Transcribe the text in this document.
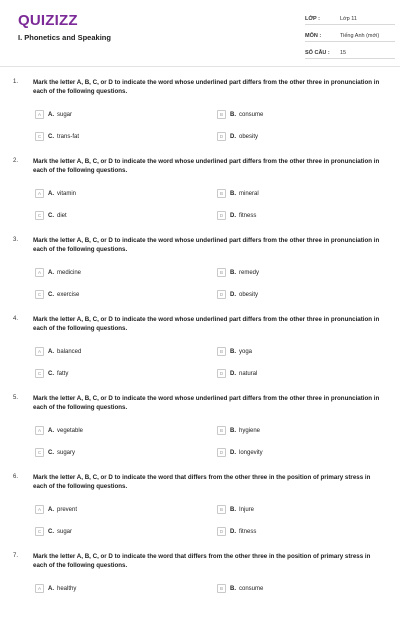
QUIZIZZ
I. Phonetics and Speaking
LỚP :	Lớp 11
MÔN :	Tiếng Anh (mới)
SỐ CÂU :	15
1. Mark the letter A, B, C, or D to indicate the word whose underlined part differs from the other three in pronunciation in each of the following questions.
A	A. sugar	B	B. consume
C	C. trans-fat	D	D. obesity
2. Mark the letter A, B, C, or D to indicate the word whose underlined part differs from the other three in pronunciation in each of the following questions.
A	A. vitamin	B	B. mineral
C	C. diet	D	D. fitness
3. Mark the letter A, B, C, or D to indicate the word whose underlined part differs from the other three in pronunciation in each of the following questions.
A	A. medicine	B	B. remedy
C	C. exercise	D	D. obesity
4. Mark the letter A, B, C, or D to indicate the word whose underlined part differs from the other three in pronunciation in each of the following questions.
A	A. balanced	B	B. yoga
C	C. fatty	D	D. natural
5. Mark the letter A, B, C, or D to indicate the word whose underlined part differs from the other three in pronunciation in each of the following questions.
A	A. vegetable	B	B. hygiene
C	C. sugary	D	D. longevity
6. Mark the letter A, B, C, or D to indicate the word that differs from the other three in the position of primary stress in each of the following questions.
A	A. prevent	B	B. Injure
C	C. sugar	D	D. fitness
7. Mark the letter A, B, C, or D to indicate the word that differs from the other three in the position of primary stress in each of the following questions.
A	A. healthy	B	B. consume
